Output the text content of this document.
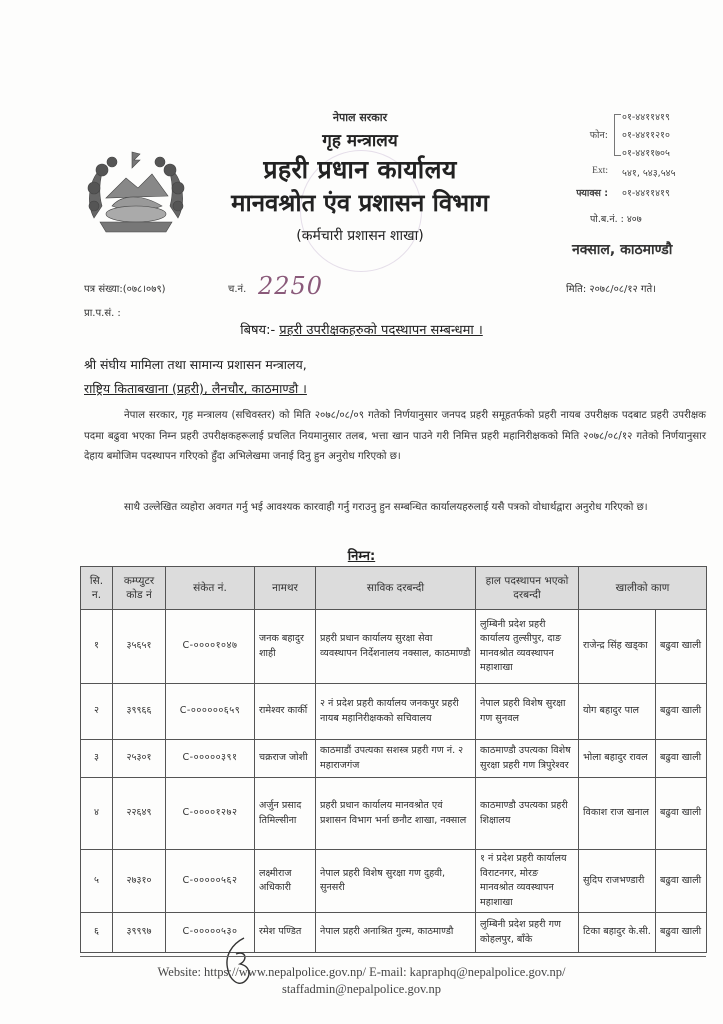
नेपाल सरकार
गृह मन्त्रालय
प्रहरी प्रधान कार्यालय
मानवश्रोत एंव प्रशासन विभाग
(कर्मचारी प्रशासन शाखा)
फोन:
०१-४४११४१९
०१-४४११२१०
०१-४४११७०५
Ext: ५४१, ५४३,५४५
फ्याक्स : ०१-४४११४१९
पो.ब.नं. : ४०७
नक्साल, काठमाण्डौ
पत्र संख्या:(०७८।०७९)	च.नं. 2250	मिति: २०७८/०८/१२ गते।
प्रा.प.सं. :
बिषय:- प्रहरी उपरीक्षकहरुको पदस्थापन सम्बन्धमा ।
श्री संघीय मामिला तथा सामान्य प्रशासन मन्त्रालय,
राष्ट्रिय किताबखाना (प्रहरी), लैनचौर, काठमाण्डौ ।
नेपाल सरकार, गृह मन्त्रालय (सचिवस्तर) को मिति २०७८/०८/०९ गतेको निर्णयानुसार जनपद प्रहरी समूहतर्फको प्रहरी नायब उपरीक्षक पदबाट प्रहरी उपरीक्षक पदमा बढुवा भएका निम्न प्रहरी उपरीक्षकहरूलाई प्रचलित नियमानुसार तलब, भत्ता खान पाउने गरी निमित्त प्रहरी महानिरीक्षकको मिति २०७८/०८/१२ गतेको निर्णयानुसार देहाय बमोजिम पदस्थापन गरिएको हुँदा अभिलेखमा जनाई दिनु हुन अनुरोध गरिएको छ।
साथै उल्लेखित व्यहोरा अवगत गर्नु भई आवश्यक कारवाही गर्नु गराउनु हुन सम्बन्धित कार्यालयहरुलाई यसै पत्रको वोधार्थद्वारा अनुरोध गरिएको छ।
निम्न:
सि. न.	कम्प्युटर कोड नं	संकेत नं.	नामथर	साविक दरबन्दी	हाल पदस्थापन भएको दरबन्दी	खालीको काण	
१	३५६५१	C-००००१०४७	जनक बहादुर शाही	प्रहरी प्रधान कार्यालय सुरक्षा सेवा व्यवस्थापन निर्देशनालय नक्साल, काठमाण्डौ	लुम्बिनी प्रदेश प्रहरी कार्यालय तुल्सीपुर, दाङ मानवश्रोत व्यवस्थापन महाशाखा	राजेन्द्र सिंह खड्का	बढुवा खाली
२	३९९६६	C-००००००६५९	रामेश्वर कार्की	२ नं प्रदेश प्रहरी कार्यालय जनकपुर प्रहरी नायब महानिरीक्षकको सचिवालय	नेपाल प्रहरी विशेष सुरक्षा गण सुनवल	योग बहादुर पाल	बढुवा खाली
३	२५३०१	C-०००००३९१	चक्रराज जोशी	काठमाडौं उपत्यका सशस्त्र प्रहरी गण नं. २ महाराजगंज	काठमाण्डौ उपत्यका विशेष सुरक्षा प्रहरी गण त्रिपुरेश्वर	भोला बहादुर रावल	बढुवा खाली
४	२२६४९	C-००००१२७२	अर्जुन प्रसाद तिमिल्सीना	प्रहरी प्रधान कार्यालय मानवश्रोत एवं प्रशासन विभाग भर्ना छनौट शाखा, नक्साल	काठमाण्डौ उपत्यका प्रहरी शिक्षालय	विकाश राज खनाल	बढुवा खाली
५	२७३१०	C-०००००५६२	लक्ष्मीराज अधिकारी	नेपाल प्रहरी विशेष सुरक्षा गण दुहवी, सुनसरी	१ नं प्रदेश प्रहरी कार्यालय विराटनगर, मोरङ मानवश्रोत व्यवस्थापन महाशाखा	सुदिप राजभण्डारी	बढुवा खाली
६	३९९९७	C-०००००५३०	रमेश पण्डित	नेपाल प्रहरी अनाश्रित गुल्म, काठमाण्डौ	लुम्बिनी प्रदेश प्रहरी गण कोहलपुर, बाँके	टिका बहादुर के.सी.	बढुवा खाली
Website: https://www.nepalpolice.gov.np/ E-mail: kapraphq@nepalpolice.gov.np/
staffadmin@nepalpolice.gov.np
